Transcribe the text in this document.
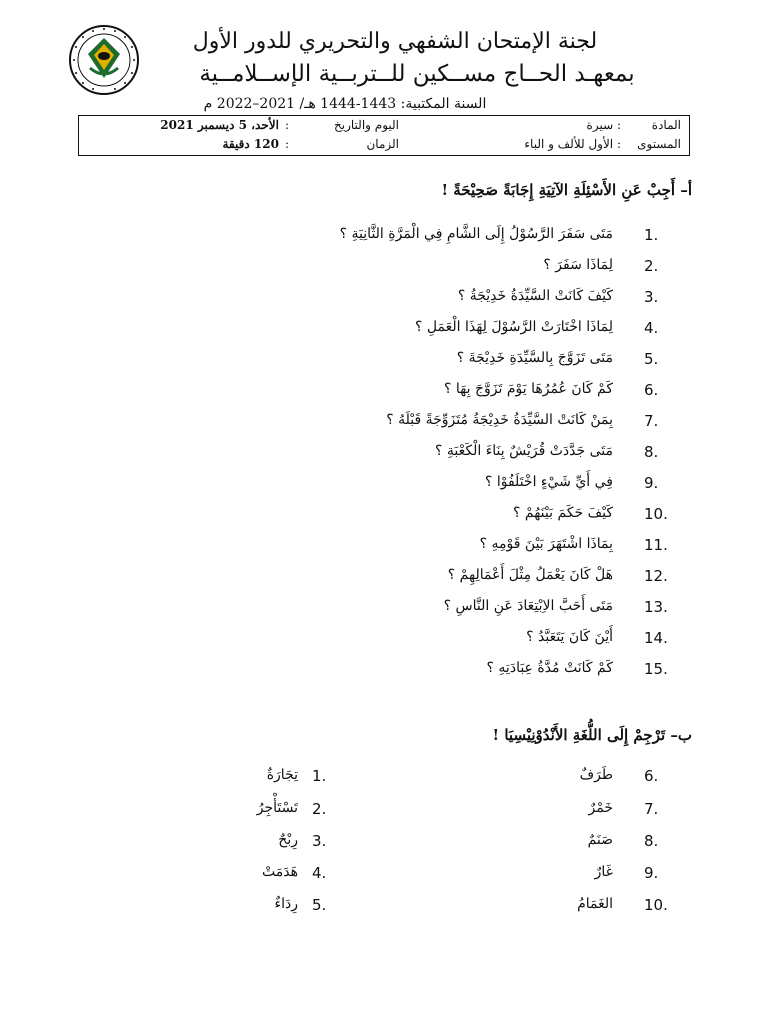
لجنة الإمتحان الشفهي والتحريري للدور الأول
بمعهـد الحــاج مســكين للــتربــية الإســلامــية
السنة المكتبية: 1443-1444 هـ/ 2021–2022 م
المادة
: سيرة
اليوم والتاريخ
:الأحد، 5 ديسمبر 2021
المستوى
: الأول للألف و الباء
الزمان
:120 دقيقة
أ– أَجِبْ عَنِ الأَسْئِلَةِ الآتِيَةِ إِجَابَةً صَحِيْحَةً !
1.
مَتَى سَفَرَ الرَّسُوْلُ إِلَى الشَّامِ فِي الْمَرَّةِ الثَّانِيَةِ ؟
2.
لِمَاذَا سَفَرَ ؟
3.
كَيْفَ كَانَتْ السَّيِّدَةُ خَدِيْجَةُ ؟
4.
لِمَاذَا اخْتَارَتْ الرَّسُوْلَ لِهَذَا الْعَمَلِ ؟
5.
مَتَى تَزَوَّجَ بِالسَّيِّدَةِ خَدِيْجَةَ ؟
6.
كَمْ كَانَ عُمُرُهَا يَوْمَ تَزَوَّجَ بِهَا ؟
7.
بِمَنْ كَانَتْ السَّيِّدَةُ خَدِيْجَةُ مُتَزَوِّجَةً قَبْلَهُ ؟
8.
مَتَى جَدَّدَتْ قُرَيْشٌ بِنَاءَ الْكَعْبَةِ ؟
9.
فِي أَيِّ شَيْءٍ اخْتَلَفُوْا ؟
10.
كَيْفَ حَكَمَ بَيْنَهُمْ ؟
11.
بِمَاذَا اشْتَهَرَ بَيْنَ قَوْمِهِ ؟
12.
هَلْ كَانَ يَعْمَلُ مِثْلَ أَعْمَالِهِمْ ؟
13.
مَتَى أَحَبَّ الاِبْتِعَادَ عَنِ النَّاسِ ؟
14.
أَيْنَ كَانَ يَتَعَبَّدُ ؟
15.
كَمْ كَانَتْ مُدَّةُ عِبَادَتِهِ ؟
ب– تَرْجِمْ إِلَى اللُّغَةِ الأَنْدُوْنِيْسِيَا !
6.
طَرَفٌ
7.
خَمْرٌ
8.
صَنَمٌ
9.
غَارٌ
10.
الغَمَامُ
1.
تِجَارَةٌ
2.
تَسْتَأْجِرُ
3.
رِبْحٌ
4.
هَدَمَتْ
5.
رِدَاءٌ
